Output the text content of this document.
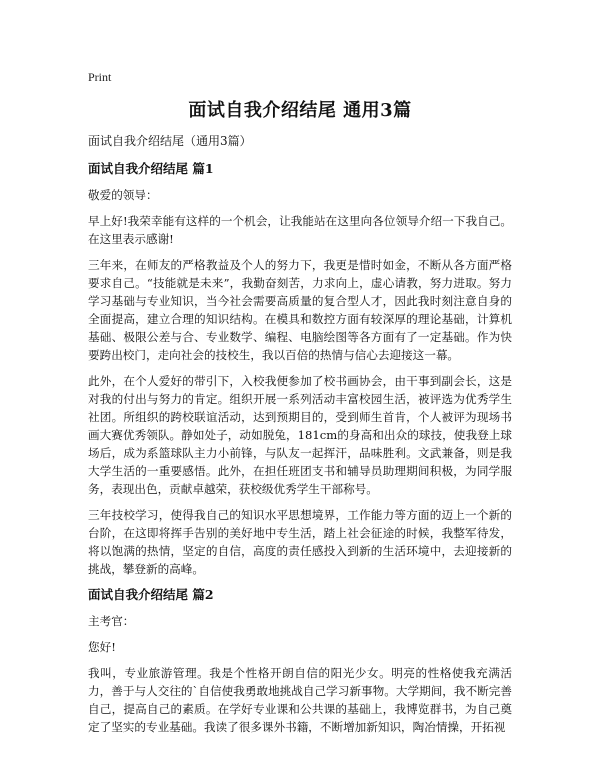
Print
面试自我介绍结尾 通用3篇
面试自我介绍结尾（通用3篇）
面试自我介绍结尾 篇1

敬爱的领导：

早上好!我荣幸能有这样的一个机会，让我能站在这里向各位领导介绍一下我自己。在这里表示感谢!

三年来，在师友的严格教益及个人的努力下，我更是惜时如金，不断从各方面严格要求自己。“技能就是未来”，我勤奋刻苦，力求向上，虚心请教，努力进取。努力学习基础与专业知识，当今社会需要高质量的复合型人才，因此我时刻注意自身的全面提高，建立合理的知识结构。在模具和数控方面有较深厚的理论基础，计算机基础、极限公差与合、专业数学、编程、电脑绘图等各方面有了一定基础。作为快要跨出校门，走向社会的技校生，我以百倍的热情与信心去迎接这一幕。

此外，在个人爱好的带引下，入校我便参加了校书画协会，由干事到副会长，这是对我的付出与努力的肯定。组织开展一系列活动丰富校园生活，被评选为优秀学生社团。所组织的跨校联谊活动，达到预期目的，受到师生首肯，个人被评为现场书画大赛优秀领队。静如处子，动如脱兔，181cm的身高和出众的球技，使我登上球场后，成为系篮球队主力小前锋，与队友一起挥汗，品味胜利。文武兼备，则是我大学生活的一重要感悟。此外，在担任班团支书和辅导员助理期间积极，为同学服务，表现出色，贡献卓越荣，获校级优秀学生干部称号。

三年技校学习，使得我自己的知识水平思想境界，工作能力等方面的迈上一个新的台阶，在这即将挥手告别的美好地中专生活，踏上社会征途的时候，我整军待发，将以饱满的热情，坚定的自信，高度的责任感投入到新的生活环境中，去迎接新的挑战，攀登新的高峰。

面试自我介绍结尾 篇2

主考官：

您好!

我叫，专业旅游管理。我是个性格开朗自信的阳光少女。明亮的性格使我充满活力，善于与人交往的`自信使我勇敢地挑战自己学习新事物。大学期间，我不断完善自己，提高自己的素质。在学好专业课和公共课的基础上，我博览群书，为自己奠定了坚实的专业基础。我读了很多课外书籍，不断增加新知识，陶冶情操，开拓视
